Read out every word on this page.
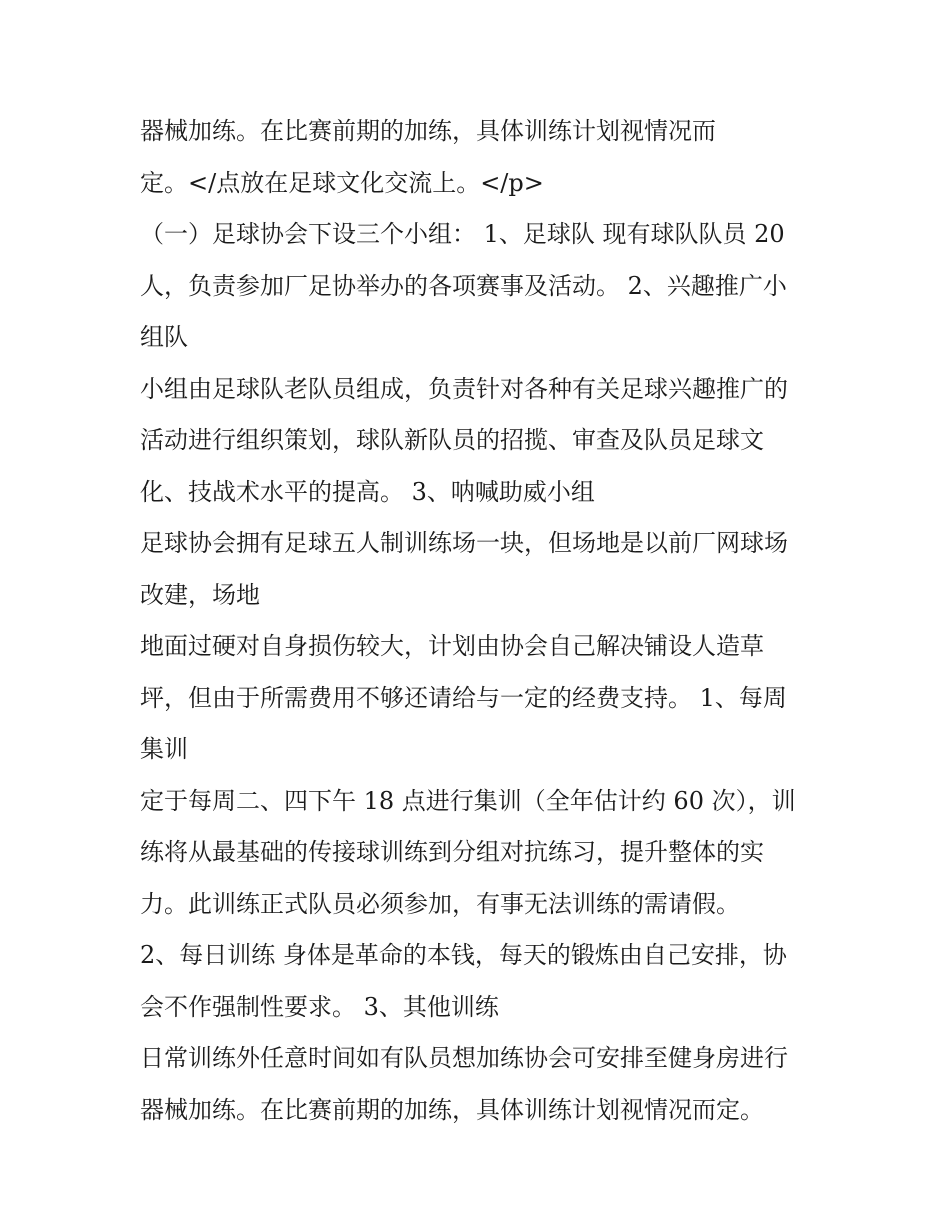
器械加练。在比赛前期的加练，具体训练计划视情况而
定。</点放在足球文化交流上。</p>
（一）足球协会下设三个小组： 1、足球队 现有球队队员 20
人，负责参加厂足协举办的各项赛事及活动。 2、兴趣推广小
组队
小组由足球队老队员组成，负责针对各种有关足球兴趣推广的
活动进行组织策划，球队新队员的招揽、审查及队员足球文
化、技战术水平的提高。 3、呐喊助威小组
足球协会拥有足球五人制训练场一块，但场地是以前厂网球场
改建，场地
地面过硬对自身损伤较大，计划由协会自己解决铺设人造草
坪，但由于所需费用不够还请给与一定的经费支持。 1、每周
集训
定于每周二、四下午 18 点进行集训（全年估计约 60 次），训
练将从最基础的传接球训练到分组对抗练习，提升整体的实
力。此训练正式队员必须参加，有事无法训练的需请假。
2、每日训练 身体是革命的本钱，每天的锻炼由自己安排，协
会不作强制性要求。 3、其他训练
日常训练外任意时间如有队员想加练协会可安排至健身房进行
器械加练。在比赛前期的加练，具体训练计划视情况而定。
